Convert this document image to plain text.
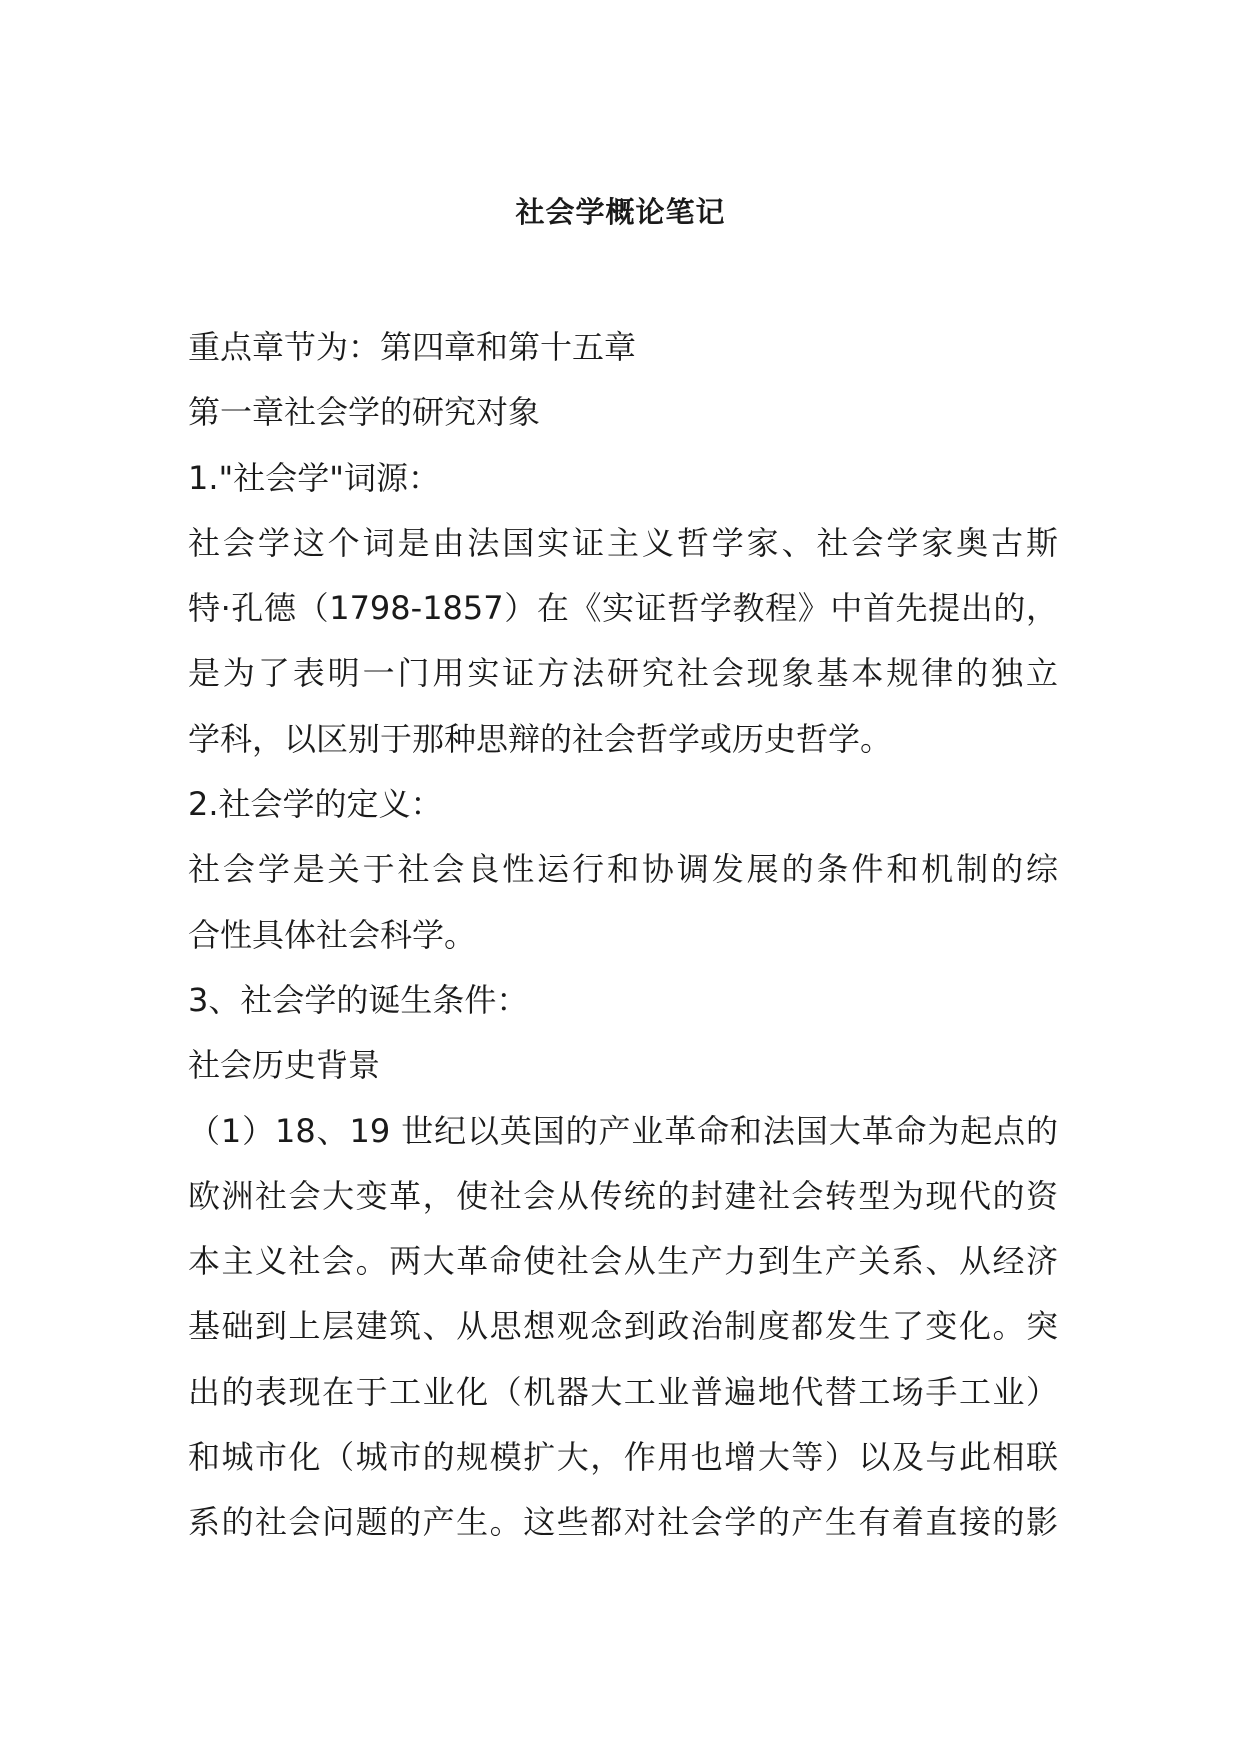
社会学概论笔记
重点章节为：第四章和第十五章
第一章社会学的研究对象
1."社会学"词源：
社会学这个词是由法国实证主义哲学家、社会学家奥古斯
特·孔德（1798-1857）在《实证哲学教程》中首先提出的，
是为了表明一门用实证方法研究社会现象基本规律的独立
学科，以区别于那种思辩的社会哲学或历史哲学。
2.社会学的定义：
社会学是关于社会良性运行和协调发展的条件和机制的综
合性具体社会科学。
3、社会学的诞生条件：
社会历史背景
（1）18、19 世纪以英国的产业革命和法国大革命为起点的
欧洲社会大变革，使社会从传统的封建社会转型为现代的资
本主义社会。两大革命使社会从生产力到生产关系、从经济
基础到上层建筑、从思想观念到政治制度都发生了变化。突
出的表现在于工业化（机器大工业普遍地代替工场手工业）
和城市化（城市的规模扩大，作用也增大等）以及与此相联
系的社会问题的产生。这些都对社会学的产生有着直接的影
